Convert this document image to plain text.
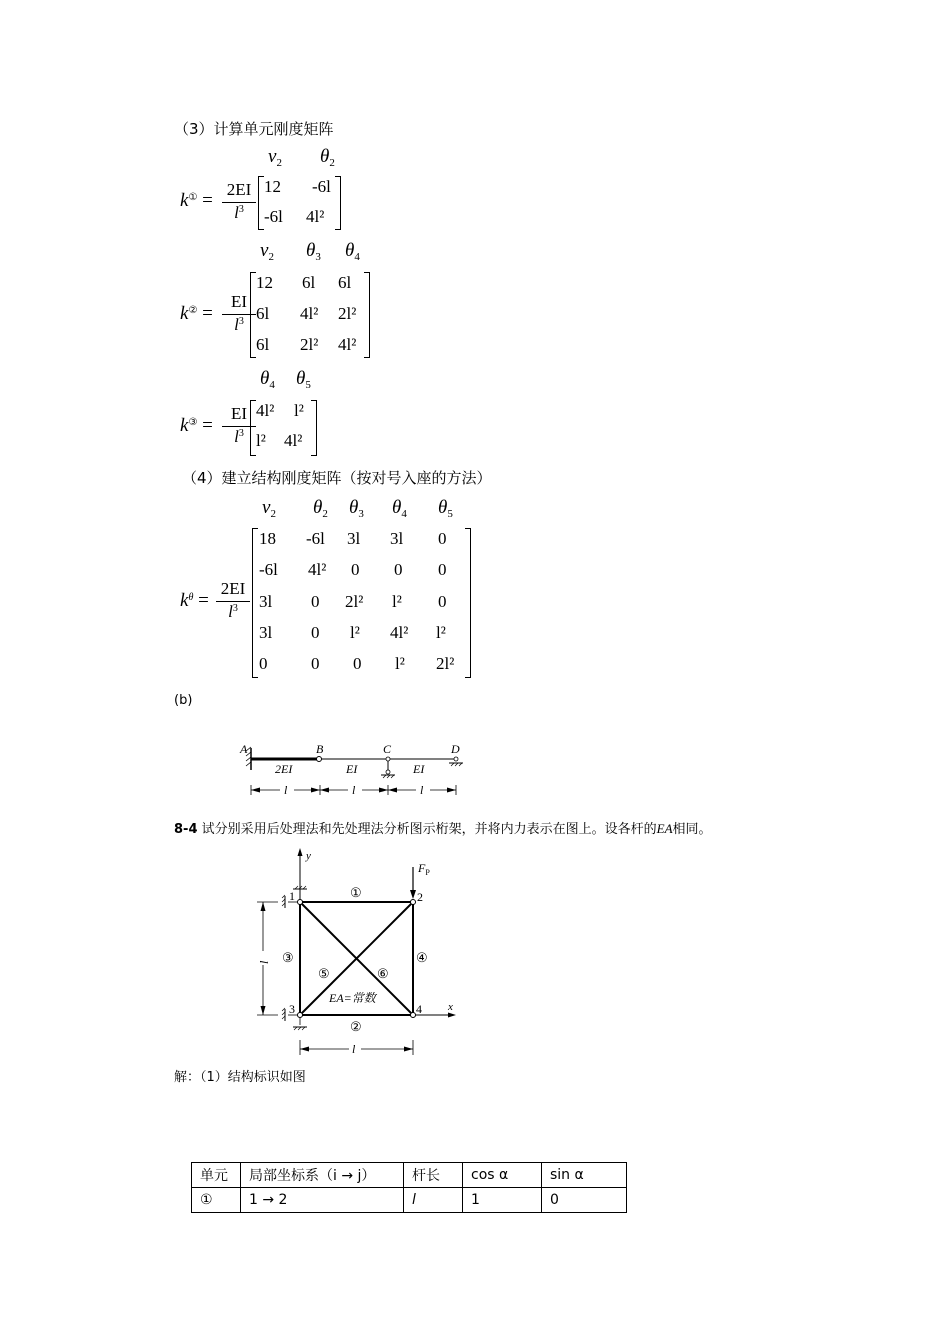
（3）计算单元刚度矩阵
$v_2$ $\theta_2$
k① =
2EI
$l^3$
12 -6l
-6l 4l²
$v_2$ $\theta_3$ $\theta_4$
k② =
EI
$l^3$
12 6l 6l
6l 4l² 2l²
6l 2l² 4l²
$\theta_4$ $\theta_5$
k③ =
EI
$l^3$
4l² l²
l² 4l²
（4）建立结构刚度矩阵（按对号入座的方法）
$v_2$ $\theta_2$ $\theta_3$ $\theta_4$ $\theta_5$
$k^\theta$ =
2EI
$l^3$
18 -6l 3l 3l 0
-6l 4l² 0 0 0
3l 0 2l² l² 0
3l 0 l² 4l² l²
0	0 0 l² 2l²
(b)
A	B	C	D
2EI	EI	EI
l	l	l
8-4 试分别采用后处理法和先处理法分析图示桁架，并将内力表示在图上。设各杆的EA相同。
y
x
$F_P$
1	2
3	4
①
②
③	④
⑤	⑥
EA=常数
l
l
解：（1）结构标识如图
单元	局部坐标系（i → j）	杆长	cos α	sin α
①	1 → 2	l	1	0
